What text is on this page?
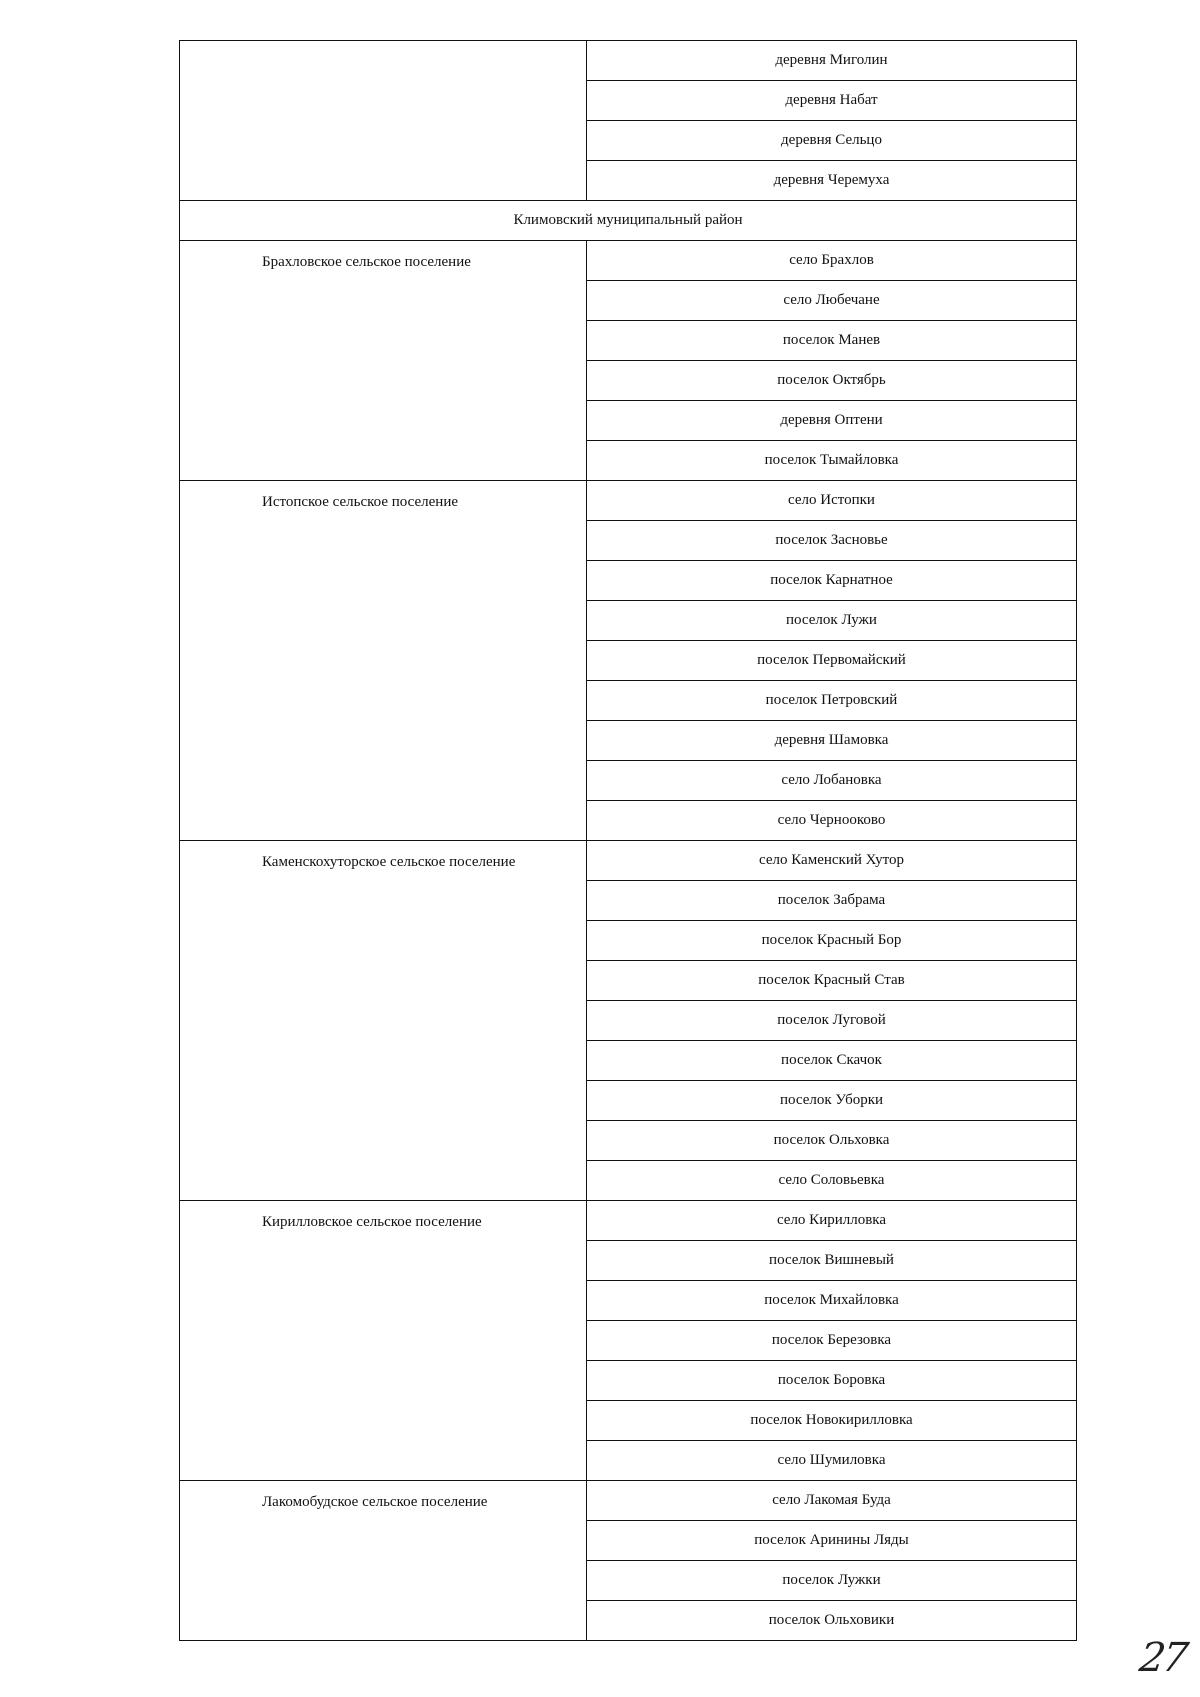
	деревня Миголин
	деревня Набат
	деревня Сельцо
	деревня Черемуха
Климовский муниципальный район	
Брахловское сельское поселение	село Брахлов
	село Любечане
	поселок Манев
	поселок Октябрь
	деревня Оптени
	поселок Тымайловка
Истопское сельское поселение	село Истопки
	поселок Засновье
	поселок Карнатное
	поселок Лужи
	поселок Первомайский
	поселок Петровский
	деревня Шамовка
	село Лобановка
	село Чернооково
Каменскохуторское сельское поселение	село Каменский Хутор
	поселок Забрама
	поселок Красный Бор
	поселок Красный Став
	поселок Луговой
	поселок Скачок
	поселок Уборки
	поселок Ольховка
	село Соловьевка
Кирилловское сельское поселение	село Кирилловка
	поселок Вишневый
	поселок Михайловка
	поселок Березовка
	поселок Боровка
	поселок Новокирилловка
	село Шумиловка
Лакомобудское сельское поселение	село Лакомая Буда
	поселок Аринины Ляды
	поселок Лужки
	поселок Ольховики
27
